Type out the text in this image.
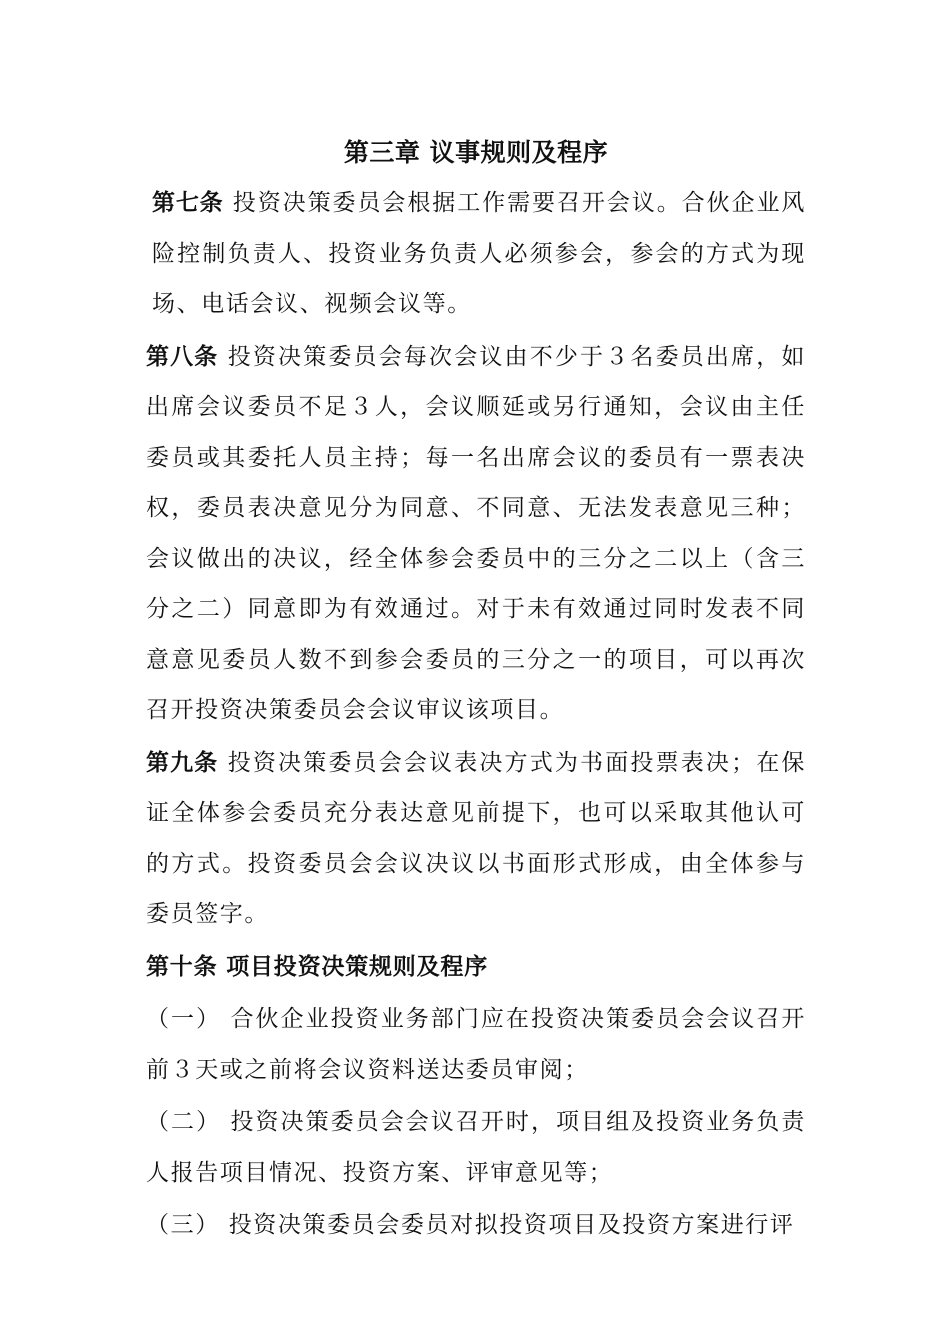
第三章 议事规则及程序

第七条 投资决策委员会根据工作需要召开会议。合伙企业风险控制负责人、投资业务负责人必须参会，参会的方式为现场、电话会议、视频会议等。

第八条 投资决策委员会每次会议由不少于３名委员出席，如出席会议委员不足３人，会议顺延或另行通知，会议由主任委员或其委托人员主持；每一名出席会议的委员有一票表决权，委员表决意见分为同意、不同意、无法发表意见三种；会议做出的决议，经全体参会委员中的三分之二以上（含三分之二）同意即为有效通过。对于未有效通过同时发表不同意意见委员人数不到参会委员的三分之一的项目，可以再次召开投资决策委员会会议审议该项目。

第九条 投资决策委员会会议表决方式为书面投票表决；在保证全体参会委员充分表达意见前提下，也可以采取其他认可的方式。投资委员会会议决议以书面形式形成，由全体参与委员签字。

第十条 项目投资决策规则及程序

（一） 合伙企业投资业务部门应在投资决策委员会会议召开前３天或之前将会议资料送达委员审阅；

（二） 投资决策委员会会议召开时，项目组及投资业务负责人报告项目情况、投资方案、评审意见等；

（三） 投资决策委员会委员对拟投资项目及投资方案进行评
